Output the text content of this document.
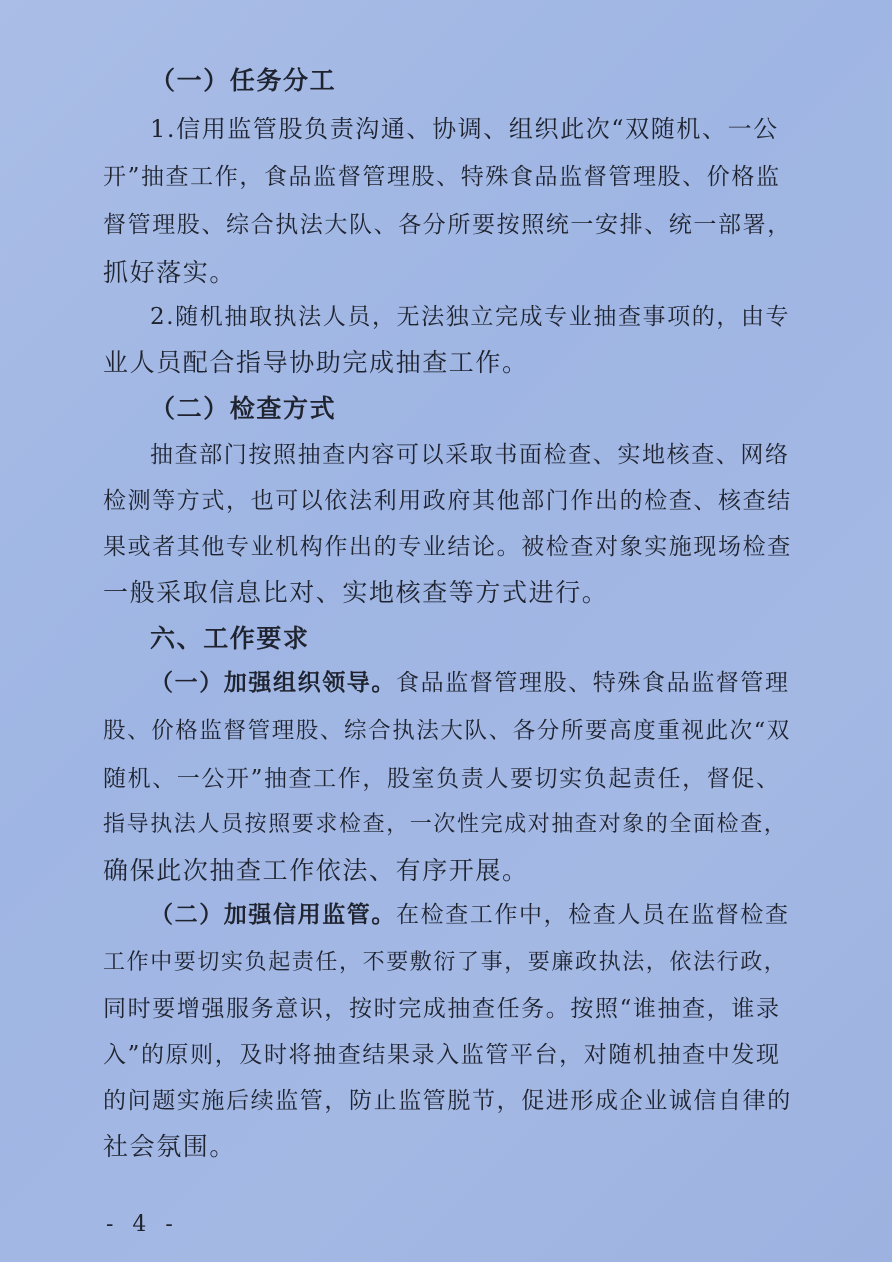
（一）任务分工
1.信用监管股负责沟通、协调、组织此次“双随机、一公
开”抽查工作，食品监督管理股、特殊食品监督管理股、价格监
督管理股、综合执法大队、各分所要按照统一安排、统一部署，
抓好落实。
2.随机抽取执法人员，无法独立完成专业抽查事项的，由专
业人员配合指导协助完成抽查工作。
（二）检查方式
抽查部门按照抽查内容可以采取书面检查、实地核查、网络
检测等方式，也可以依法利用政府其他部门作出的检查、核查结
果或者其他专业机构作出的专业结论。被检查对象实施现场检查
一般采取信息比对、实地核查等方式进行。
六、工作要求
（一）加强组织领导。食品监督管理股、特殊食品监督管理
股、价格监督管理股、综合执法大队、各分所要高度重视此次“双
随机、一公开”抽查工作，股室负责人要切实负起责任，督促、
指导执法人员按照要求检查，一次性完成对抽查对象的全面检查，
确保此次抽查工作依法、有序开展。
（二）加强信用监管。在检查工作中，检查人员在监督检查
工作中要切实负起责任，不要敷衍了事，要廉政执法，依法行政，
同时要增强服务意识，按时完成抽查任务。按照“谁抽查，谁录
入”的原则，及时将抽查结果录入监管平台，对随机抽查中发现
的问题实施后续监管，防止监管脱节，促进形成企业诚信自律的
社会氛围。
- 4 -
